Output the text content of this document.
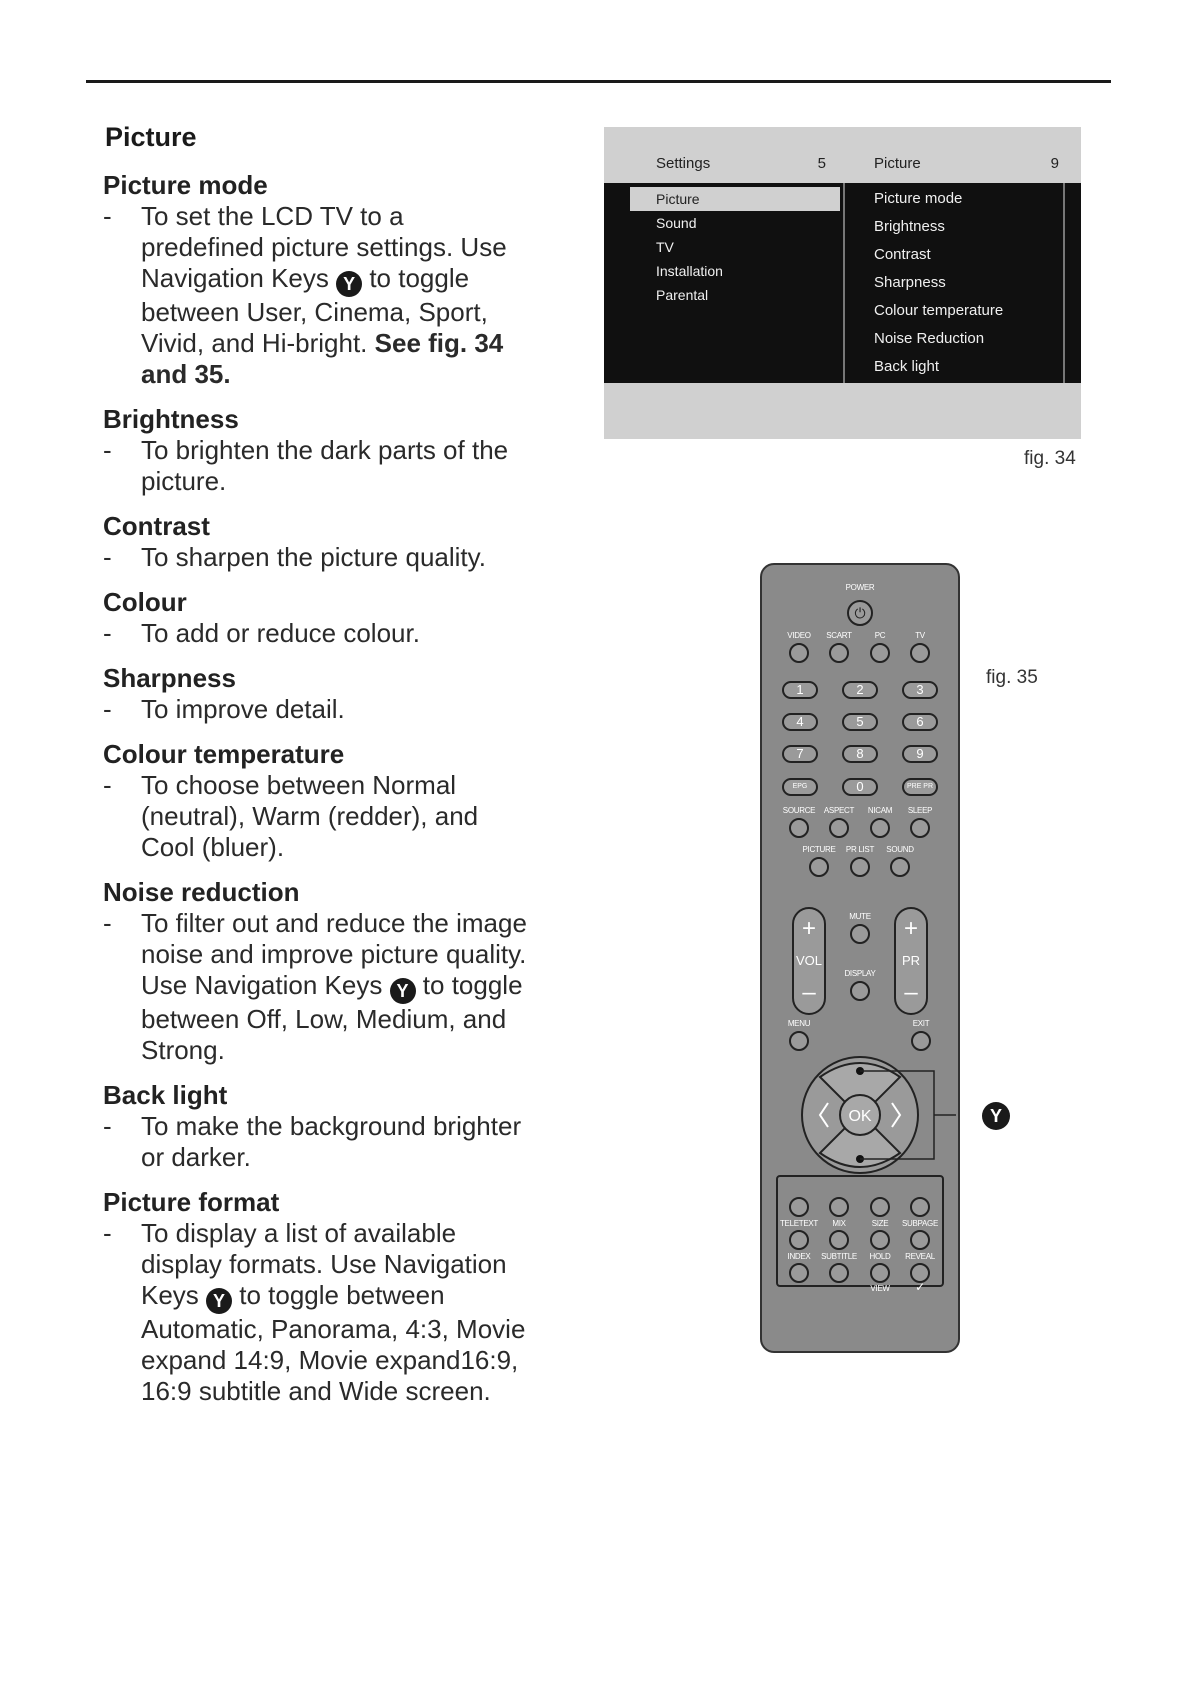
Picture
Picture mode
-	To set the LCD TV to a predefined picture settings. Use Navigation Keys Y to toggle between User, Cinema, Sport, Vivid, and Hi-bright. See fig. 34 and 35.
Brightness
-	To brighten the dark parts of the picture.
Contrast
-	To sharpen the picture quality.
Colour
-	To add or reduce colour.
Sharpness
-	To improve detail.
Colour temperature
-	To choose between Normal (neutral), Warm (redder), and Cool (bluer).
Noise reduction
-	To filter out and reduce the image noise and improve picture quality. Use Navigation Keys Y to toggle between Off, Low, Medium, and Strong.
Back light
-	To make the background brighter or darker.
Picture format
-	To display a list of available display formats. Use Navigation Keys Y to toggle between Automatic, Panorama, 4:3, Movie expand 14:9, Movie expand16:9, 16:9 subtitle and Wide screen.
Settings	5	Picture	9
Picture
Sound
TV
Installation
Parental
Picture mode
Brightness
Contrast
Sharpness
Colour temperature
Noise Reduction
Back light
fig. 34
fig. 35
POWER
⏻
VIDEO	SCART	PC	TV
1	2	3
4	5	6
7	8	9
EPG	0	PRE PR
SOURCE	ASPECT	NICAM	SLEEP
PICTURE	PR LIST	SOUND
+
VOL
–
+
PR
–
MUTE
DISPLAY
MENU	EXIT
OK	Y
TELETEXT	MIX	SIZE	SUBPAGE
INDEX	SUBTITLE	HOLD	REVEAL
VIEW	✓
